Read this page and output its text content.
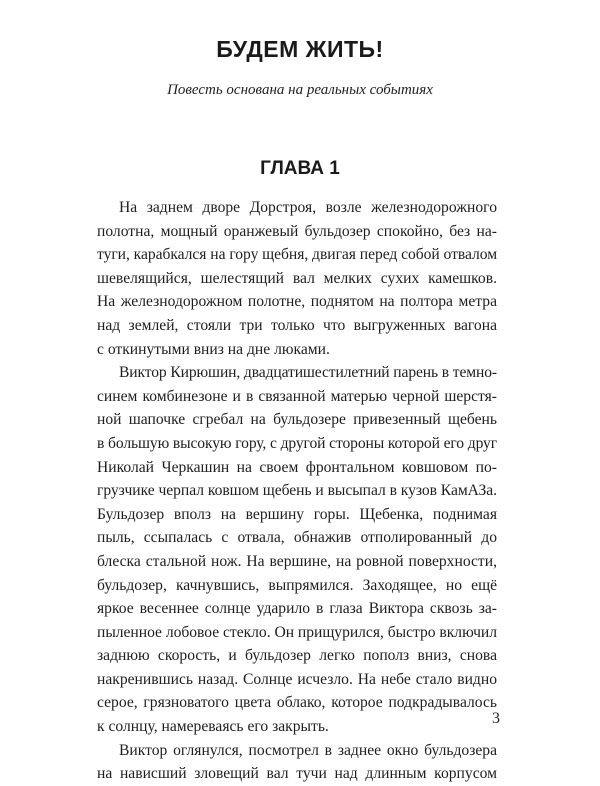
БУДЕМ ЖИТЬ!

Повесть основана на реальных событиях

ГЛАВА 1
На заднем дворе Дорстроя, возле железнодорожного
полотна, мощный оранжевый бульдозер спокойно, без на-
туги, карабкался на гору щебня, двигая перед собой отвалом
шевелящийся, шелестящий вал мелких сухих камешков.
На железнодорожном полотне, поднятом на полтора метра
над землей, стояли три только что выгруженных вагона
с откинутыми вниз на дне люками.
Виктор Кирюшин, двадцатишестилетний парень в темно-
синем комбинезоне и в связанной матерью черной шерстя-
ной шапочке сгребал на бульдозере привезенный щебень
в большую высокую гору, с другой стороны которой его друг
Николай Черкашин на своем фронтальном ковшовом по-
грузчике черпал ковшом щебень и высыпал в кузов КамАЗа.
Бульдозер вполз на вершину горы. Щебенка, поднимая
пыль, ссыпалась с отвала, обнажив отполированный до
блеска стальной нож. На вершине, на ровной поверхности,
бульдозер, качнувшись, выпрямился. Заходящее, но ещё
яркое весеннее солнце ударило в глаза Виктора сквозь за-
пыленное лобовое стекло. Он прищурился, быстро включил
заднюю скорость, и бульдозер легко пополз вниз, снова
накренившись назад. Солнце исчезло. На небе стало видно
серое, грязноватого цвета облако, которое подкрадывалось
к солнцу, намереваясь его закрыть.
Виктор оглянулся, посмотрел в заднее окно бульдозера
на нависший зловещий вал тучи над длинным корпусом
3
